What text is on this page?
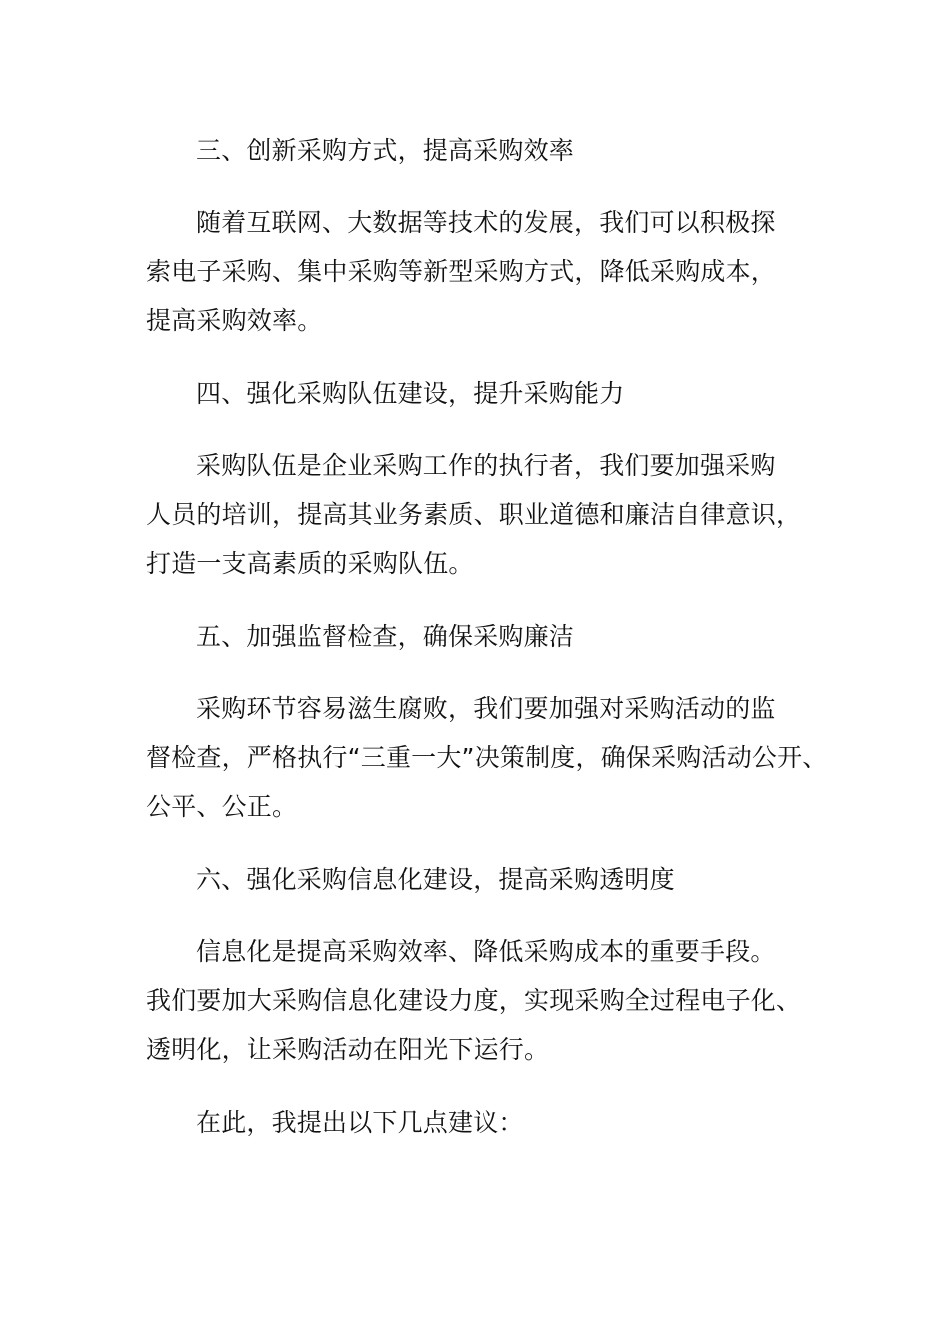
三、创新采购方式，提高采购效率
随着互联网、大数据等技术的发展，我们可以积极探
索电子采购、集中采购等新型采购方式，降低采购成本，
提高采购效率。
四、强化采购队伍建设，提升采购能力
采购队伍是企业采购工作的执行者，我们要加强采购
人员的培训，提高其业务素质、职业道德和廉洁自律意识，
打造一支高素质的采购队伍。
五、加强监督检查，确保采购廉洁
采购环节容易滋生腐败，我们要加强对采购活动的监
督检查，严格执行“三重一大”决策制度，确保采购活动公开、
公平、公正。
六、强化采购信息化建设，提高采购透明度
信息化是提高采购效率、降低采购成本的重要手段。
我们要加大采购信息化建设力度，实现采购全过程电子化、
透明化，让采购活动在阳光下运行。
在此，我提出以下几点建议：
